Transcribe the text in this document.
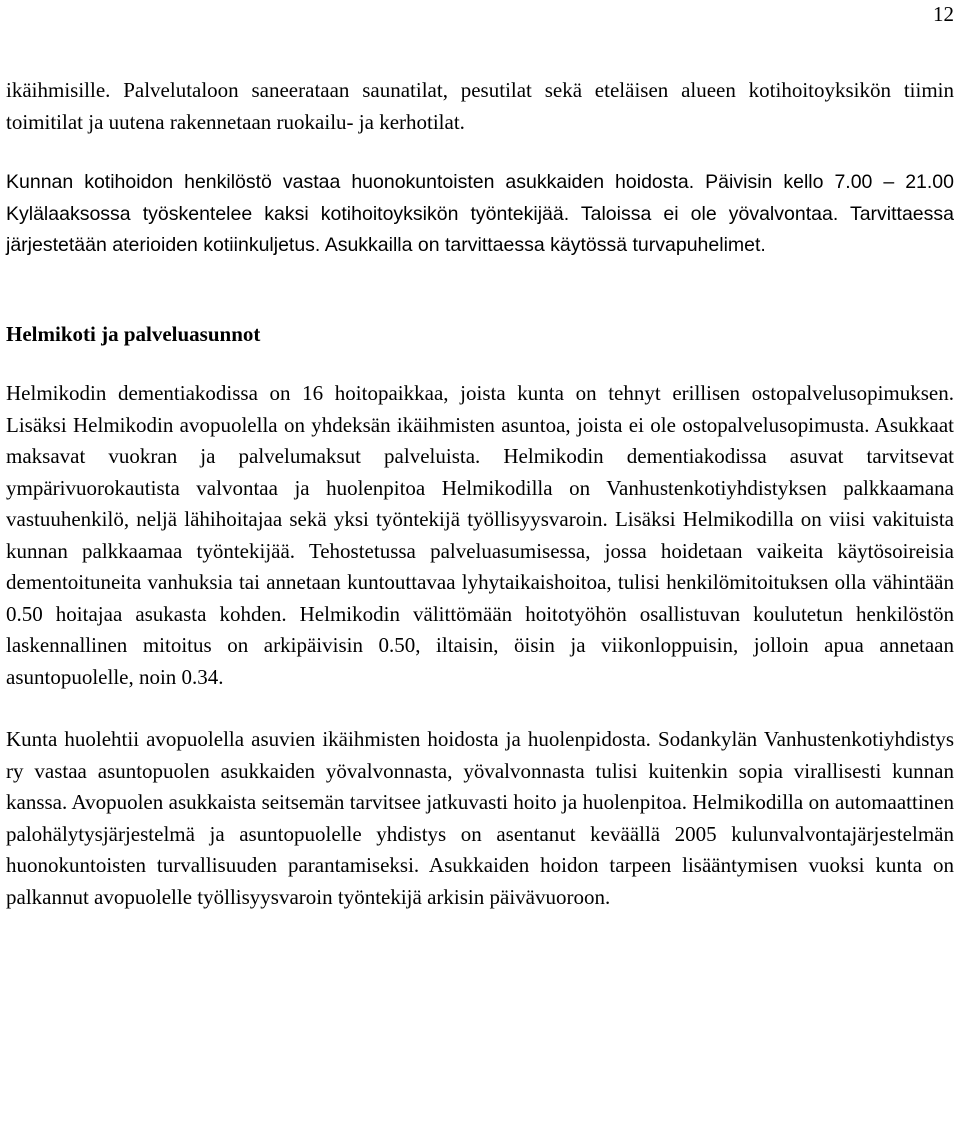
12

ikäihmisille. Palvelutaloon saneerataan saunatilat, pesutilat sekä eteläisen alueen kotihoitoyksikön tiimin toimitilat ja uutena rakennetaan ruokailu- ja kerhotilat.

Kunnan kotihoidon henkilöstö vastaa huonokuntoisten asukkaiden hoidosta. Päivisin kello 7.00 – 21.00 Kylälaaksossa työskentelee kaksi kotihoitoyksikön työntekijää. Taloissa ei ole yövalvontaa. Tarvittaessa järjestetään aterioiden kotiinkuljetus. Asukkailla on tarvittaessa käytössä turvapuhelimet.

Helmikoti ja palveluasunnot

Helmikodin dementiakodissa on 16 hoitopaikkaa, joista kunta on tehnyt erillisen ostopalvelusopimuksen. Lisäksi Helmikodin avopuolella on yhdeksän ikäihmisten asuntoa, joista ei ole ostopalvelusopimusta. Asukkaat maksavat vuokran ja palvelumaksut palveluista. Helmikodin dementiakodissa asuvat tarvitsevat ympärivuorokautista valvontaa ja huolenpitoa Helmikodilla on Vanhustenkotiyhdistyksen palkkaamana vastuuhenkilö, neljä lähihoitajaa sekä yksi työntekijä työllisyysvaroin. Lisäksi Helmikodilla on viisi vakituista kunnan palkkaamaa työntekijää. Tehostetussa palveluasumisessa, jossa hoidetaan vaikeita käytösoireisia dementoituneita vanhuksia tai annetaan kuntouttavaa lyhytaikaishoitoa, tulisi henkilömitoituksen olla vähintään 0.50 hoitajaa asukasta kohden. Helmikodin välittömään hoitotyöhön osallistuvan koulutetun henkilöstön laskennallinen mitoitus on arkipäivisin 0.50, iltaisin, öisin ja viikonloppuisin, jolloin apua annetaan asuntopuolelle, noin 0.34.

Kunta huolehtii avopuolella asuvien ikäihmisten hoidosta ja huolenpidosta. Sodankylän Vanhustenkotiyhdistys ry vastaa asuntopuolen asukkaiden yövalvonnasta, yövalvonnasta tulisi kuitenkin sopia virallisesti kunnan kanssa. Avopuolen asukkaista seitsemän tarvitsee jatkuvasti hoito ja huolenpitoa. Helmikodilla on automaattinen palohälytysjärjestelmä ja asuntopuolelle yhdistys on asentanut keväällä 2005 kulunvalvontajärjestelmän huonokuntoisten turvallisuuden parantamiseksi. Asukkaiden hoidon tarpeen lisääntymisen vuoksi kunta on palkannut avopuolelle työllisyysvaroin työntekijä arkisin päivävuoroon.
